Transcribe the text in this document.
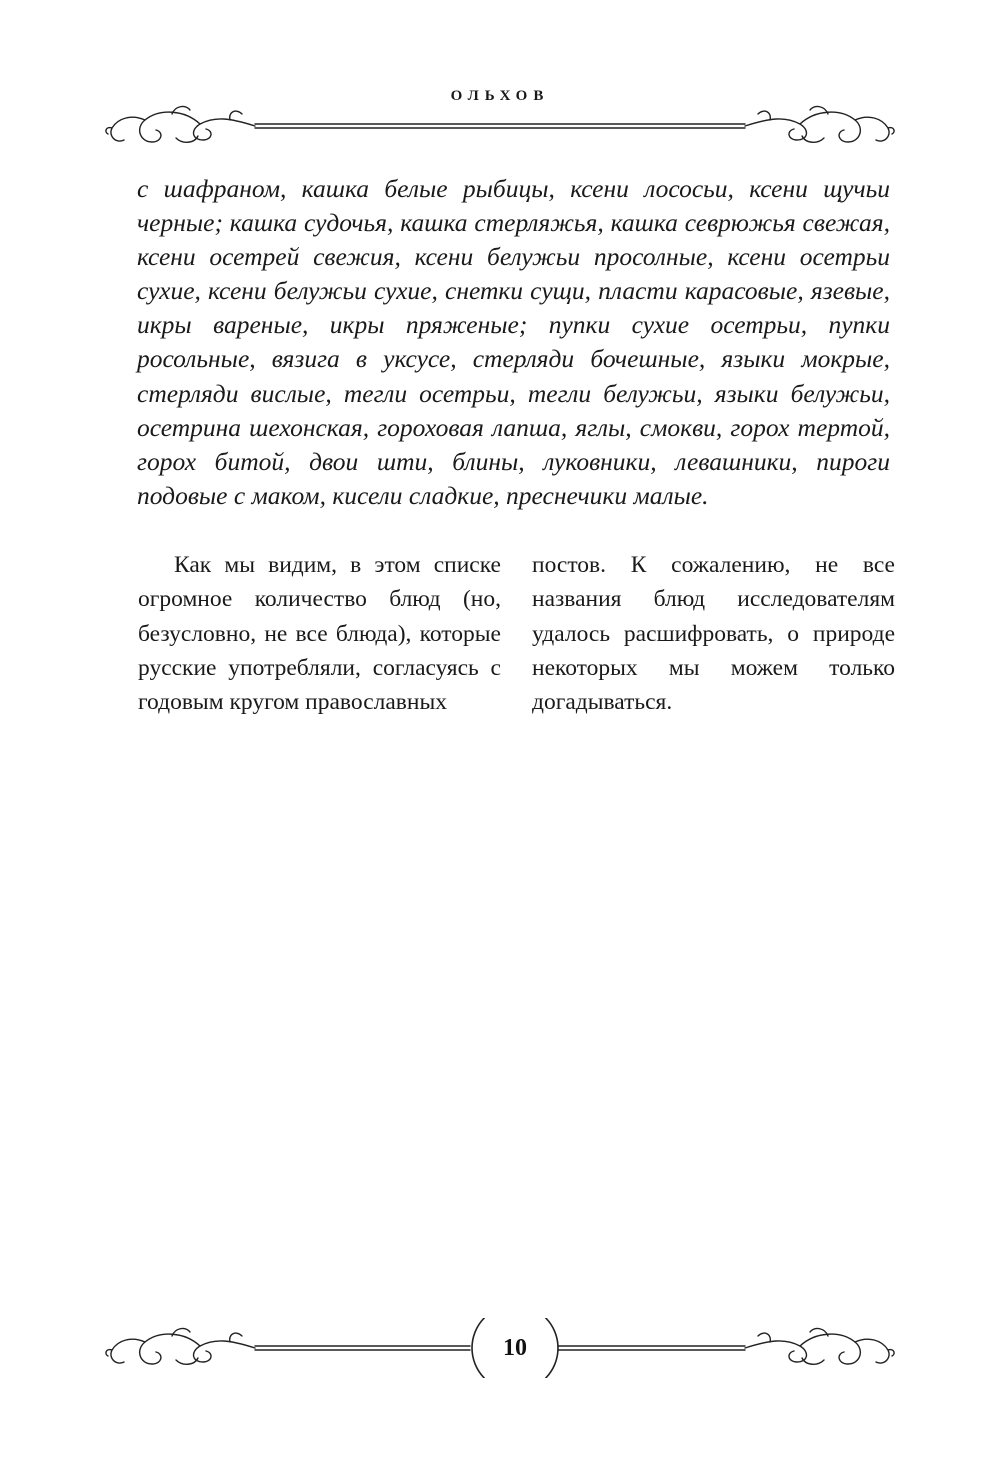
ОЛЬХОВ

с шафраном, кашка белые рыбицы, ксени лососьи, ксени щучьи черные; кашка судочья, кашка стерляжья, кашка севрюжья свежая, ксени осетрей свежия, ксени белужьи просолные, ксени осетрьи сухие, ксени белужьи сухие, снетки сущи, пласти карасовые, язевые, икры вареные, икры пряженые; пупки сухие осетрьи, пупки росольные, вязига в уксусе, стерляди бочешные, языки мокрые, стерляди вислые, тегли осетрьи, тегли белужьи, языки белужьи, осетрина шехонская, гороховая лапша, яглы, смокви, горох тертой, горох битой, двои шти, блины, луковники, левашники, пироги подовые с маком, кисели сладкие, преснечики малые.

Как мы видим, в этом списке огромное количество блюд (но, безусловно, не все блюда), которые русские употребляли, согласуясь с годовым кругом православных

постов. К сожалению, не все названия блюд исследователям удалось расшифровать, о природе некоторых мы можем только догадываться.

10
